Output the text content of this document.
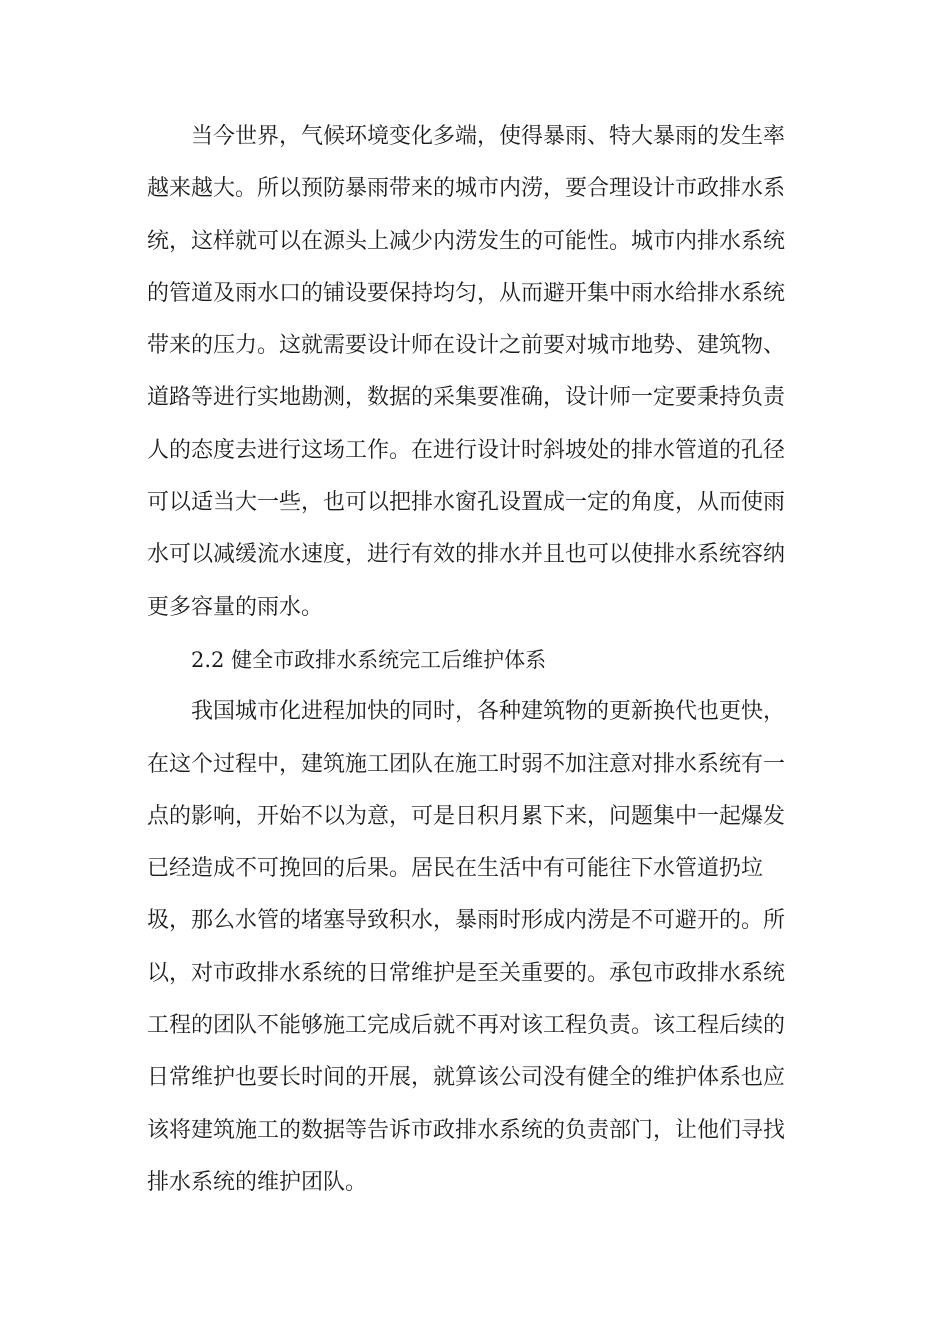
当今世界，气候环境变化多端，使得暴雨、特大暴雨的发生率
越来越大。所以预防暴雨带来的城市内涝，要合理设计市政排水系
统，这样就可以在源头上减少内涝发生的可能性。城市内排水系统
的管道及雨水口的铺设要保持均匀，从而避开集中雨水给排水系统
带来的压力。这就需要设计师在设计之前要对城市地势、建筑物、
道路等进行实地勘测，数据的采集要准确，设计师一定要秉持负责
人的态度去进行这场工作。在进行设计时斜坡处的排水管道的孔径
可以适当大一些，也可以把排水窗孔设置成一定的角度，从而使雨
水可以减缓流水速度，进行有效的排水并且也可以使排水系统容纳
更多容量的雨水。
2.2 健全市政排水系统完工后维护体系
我国城市化进程加快的同时，各种建筑物的更新换代也更快，
在这个过程中，建筑施工团队在施工时弱不加注意对排水系统有一
点的影响，开始不以为意，可是日积月累下来，问题集中一起爆发
已经造成不可挽回的后果。居民在生活中有可能往下水管道扔垃
圾，那么水管的堵塞导致积水，暴雨时形成内涝是不可避开的。所
以，对市政排水系统的日常维护是至关重要的。承包市政排水系统
工程的团队不能够施工完成后就不再对该工程负责。该工程后续的
日常维护也要长时间的开展，就算该公司没有健全的维护体系也应
该将建筑施工的数据等告诉市政排水系统的负责部门，让他们寻找
排水系统的维护团队。
